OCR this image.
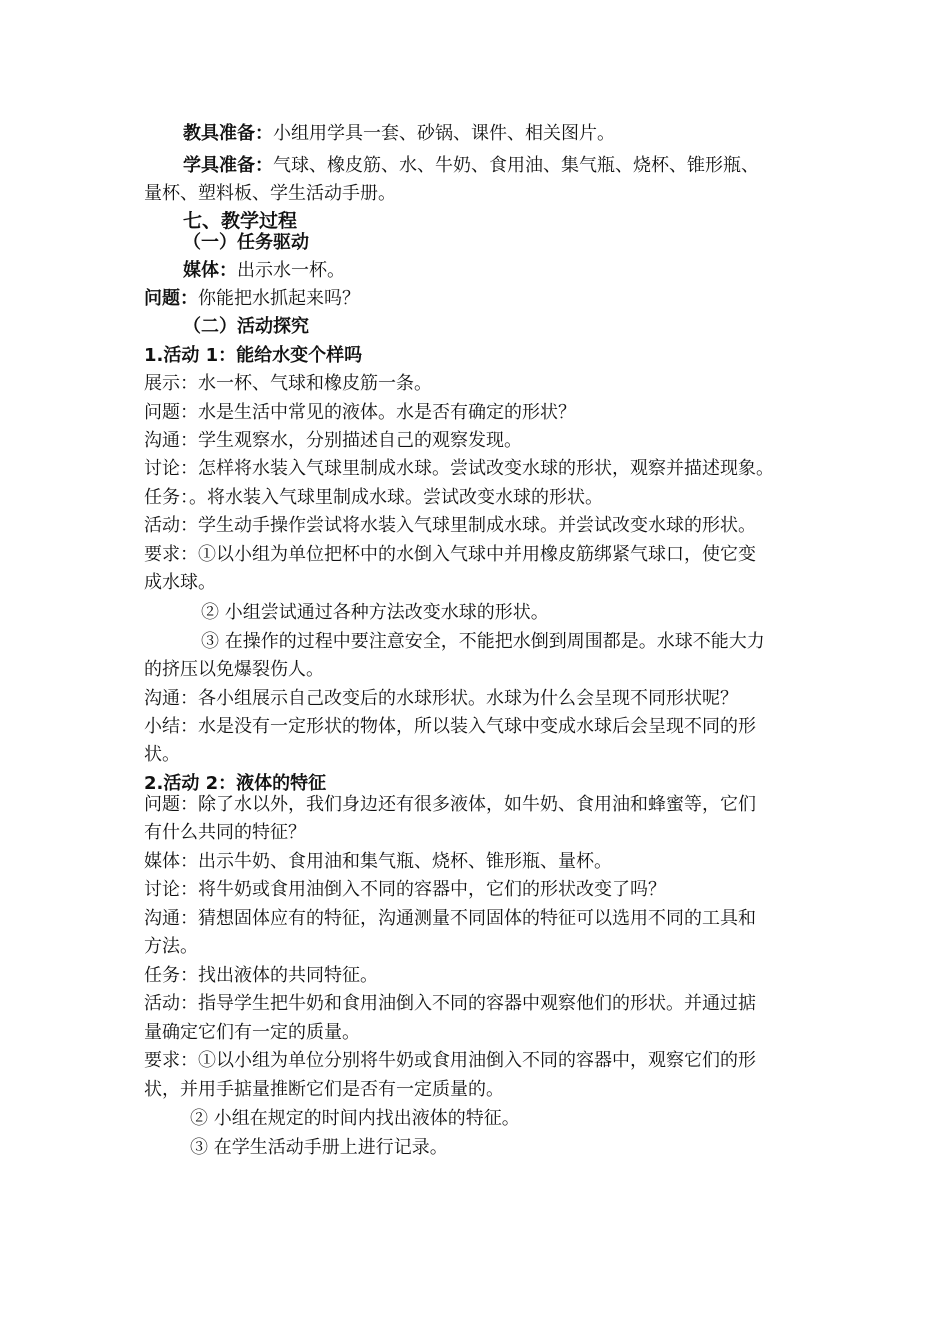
教具准备：小组用学具一套、砂锅、课件、相关图片。
学具准备：气球、橡皮筋、水、牛奶、食用油、集气瓶、烧杯、锥形瓶、
量杯、塑料板、学生活动手册。
七、教学过程
（一）任务驱动
媒体：出示水一杯。
问题：你能把水抓起来吗？
（二）活动探究
1.活动 1：能给水变个样吗
展示：水一杯、气球和橡皮筋一条。
问题：水是生活中常见的液体。水是否有确定的形状？
沟通：学生观察水，分别描述自己的观察发现。
讨论：怎样将水装入气球里制成水球。尝试改变水球的形状，观察并描述现象。
任务：。将水装入气球里制成水球。尝试改变水球的形状。
活动：学生动手操作尝试将水装入气球里制成水球。并尝试改变水球的形状。
要求：①以小组为单位把杯中的水倒入气球中并用橡皮筋绑紧气球口，使它变
成水球。
② 小组尝试通过各种方法改变水球的形状。
③ 在操作的过程中要注意安全，不能把水倒到周围都是。水球不能大力
的挤压以免爆裂伤人。
沟通：各小组展示自己改变后的水球形状。水球为什么会呈现不同形状呢？
小结：水是没有一定形状的物体，所以装入气球中变成水球后会呈现不同的形
状。
2.活动 2：液体的特征
问题：除了水以外，我们身边还有很多液体，如牛奶、食用油和蜂蜜等，它们
有什么共同的特征？
媒体：出示牛奶、食用油和集气瓶、烧杯、锥形瓶、量杯。
讨论：将牛奶或食用油倒入不同的容器中，它们的形状改变了吗？
沟通：猜想固体应有的特征，沟通测量不同固体的特征可以选用不同的工具和
方法。
任务：找出液体的共同特征。
活动：指导学生把牛奶和食用油倒入不同的容器中观察他们的形状。并通过掂
量确定它们有一定的质量。
要求：①以小组为单位分别将牛奶或食用油倒入不同的容器中，观察它们的形
状，并用手掂量推断它们是否有一定质量的。
② 小组在规定的时间内找出液体的特征。
③ 在学生活动手册上进行记录。
